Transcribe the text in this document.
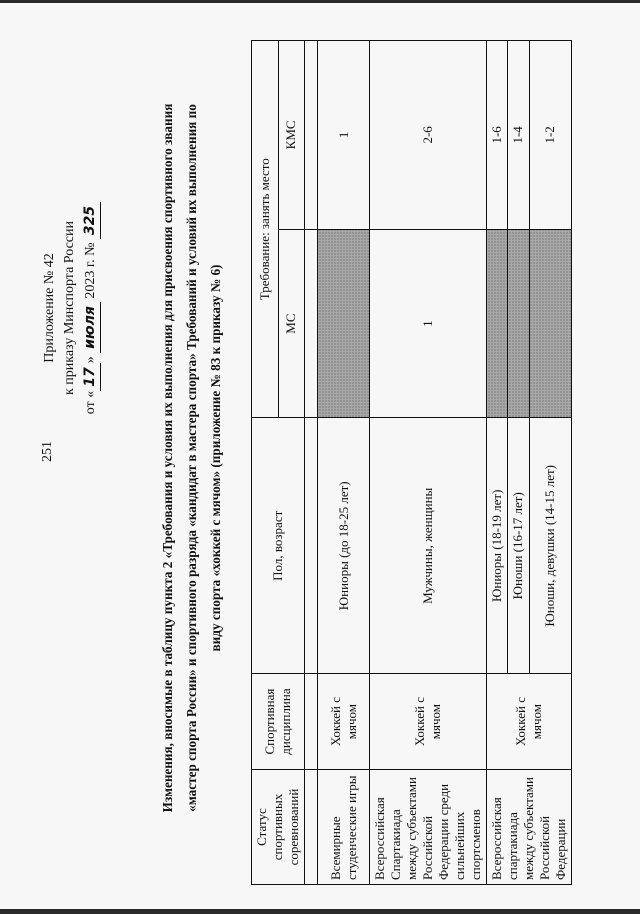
251
Приложение № 42 к приказу Минспорта России
от «17» июля 2023 г. № 325	Изменения, вносимые в таблицу пункта 2 «Требования и условия их выполнения для присвоения спортивного звания «мастер спорта России» и спортивного разряда «кандидат в мастера спорта» Требований и условий их выполнения по виду спорта «хоккей с мячом» (приложение № 83 к приказу № 6)
Статус спортивных соревнований	Спортивная дисциплина	Пол, возраст	Требование: занять место	
			МС	КМС

Всемирные студенческие игры	Хоккей с мячом	Юниоры (до 18-25 лет)		1
Всероссийская Спартакиада между субъектами Российской Федерации среди сильнейших спортсменов	Хоккей с мячом	Мужчины, женщины	1	2-6
Всероссийская спартакиада между субъектами Российской Федерации	Хоккей с мячом	Юниоры (18-19 лет)		1-6
		Юноши (16-17 лет)		1-4
		Юноши, девушки (14-15 лет)		1-2
